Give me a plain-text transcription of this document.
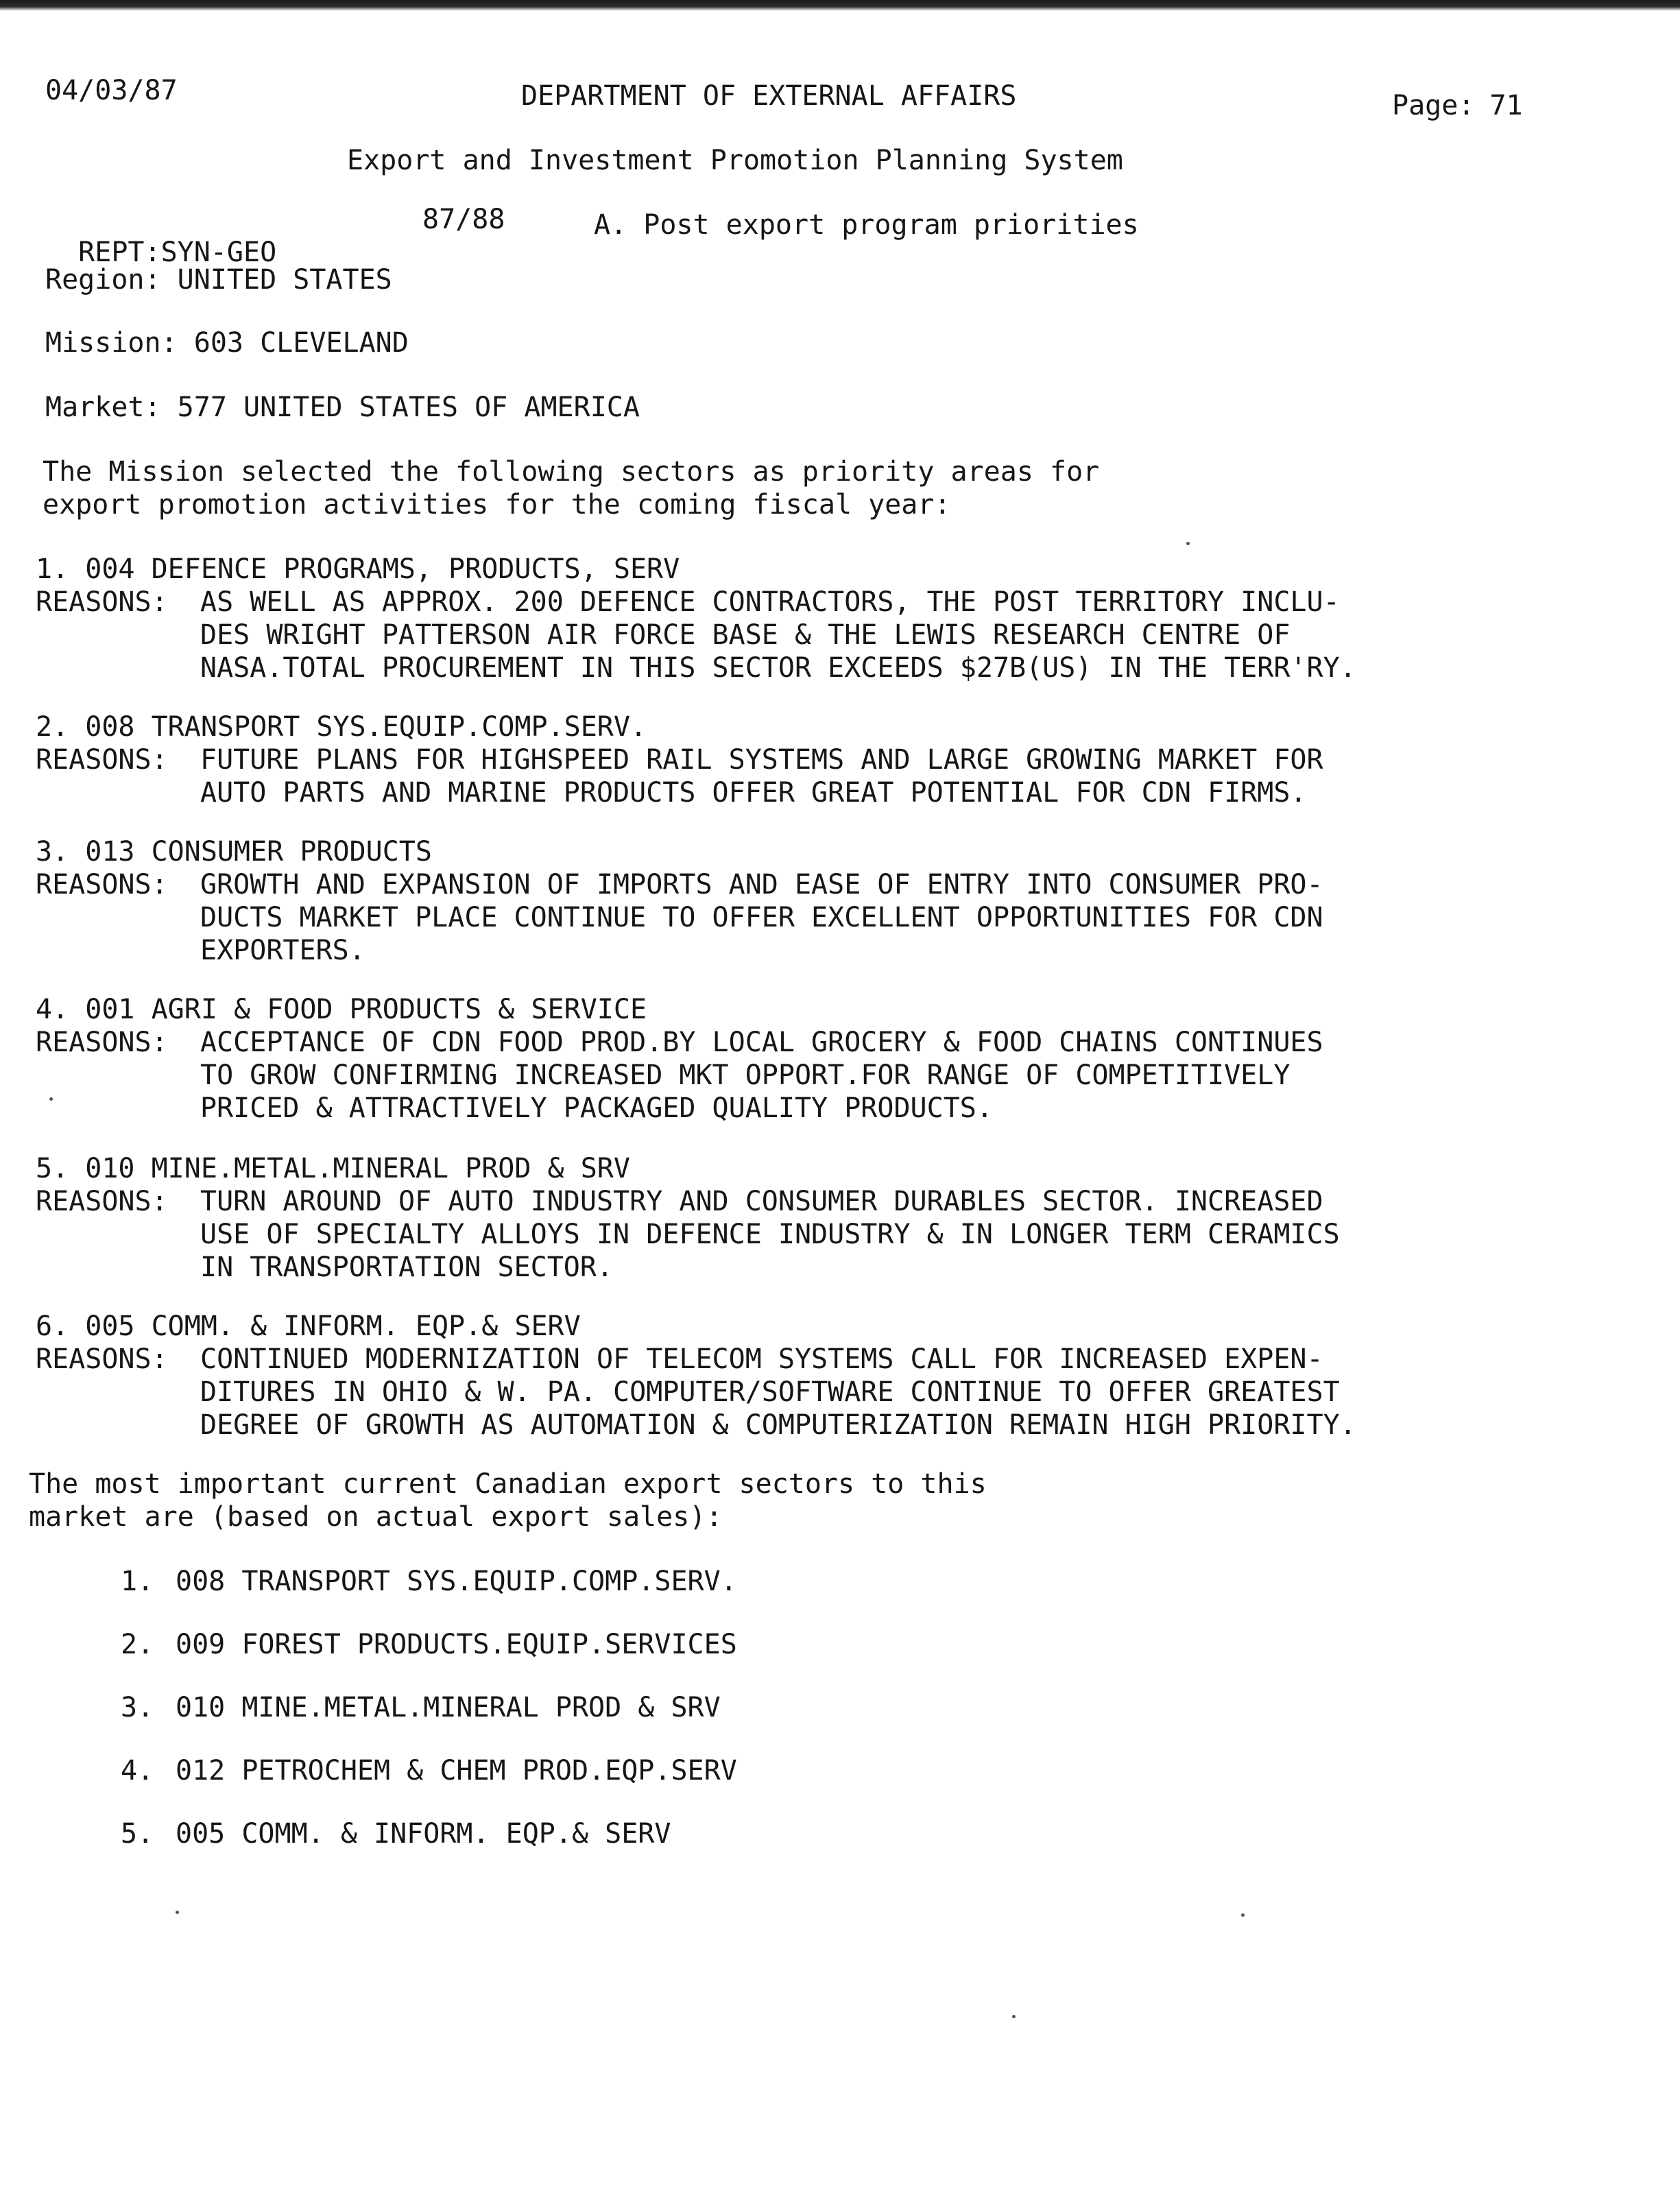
04/03/87	DEPARTMENT OF EXTERNAL AFFAIRS	Page: 71
Export and Investment Promotion Planning System

REPT:SYN-GEO

87/88

	A. Post export program priorities

Region: UNITED STATES
Mission: 603 CLEVELAND
Market: 577 UNITED STATES OF AMERICA
The Mission selected the following sectors as priority areas for
export promotion activities for the coming fiscal year:
1. 004 DEFENCE PROGRAMS, PRODUCTS, SERV
REASONS:	AS WELL AS APPROX. 200 DEFENCE CONTRACTORS, THE POST TERRITORY INCLU-
DES WRIGHT PATTERSON AIR FORCE BASE & THE LEWIS RESEARCH CENTRE OF
NASA.TOTAL PROCUREMENT IN THIS SECTOR EXCEEDS $27B(US) IN THE TERR'RY.
2. 008 TRANSPORT SYS.EQUIP.COMP.SERV.
REASONS:	FUTURE PLANS FOR HIGHSPEED RAIL SYSTEMS AND LARGE GROWING MARKET FOR
AUTO PARTS AND MARINE PRODUCTS OFFER GREAT POTENTIAL FOR CDN FIRMS.
3. 013 CONSUMER PRODUCTS
REASONS:	GROWTH AND EXPANSION OF IMPORTS AND EASE OF ENTRY INTO CONSUMER PRO-
DUCTS MARKET PLACE CONTINUE TO OFFER EXCELLENT OPPORTUNITIES FOR CDN
EXPORTERS.
4. 001 AGRI & FOOD PRODUCTS & SERVICE
REASONS:	ACCEPTANCE OF CDN FOOD PROD.BY LOCAL GROCERY & FOOD CHAINS CONTINUES
TO GROW CONFIRMING INCREASED MKT OPPORT.FOR RANGE OF COMPETITIVELY
PRICED & ATTRACTIVELY PACKAGED QUALITY PRODUCTS.
5. 010 MINE.METAL.MINERAL PROD & SRV
REASONS:	TURN AROUND OF AUTO INDUSTRY AND CONSUMER DURABLES SECTOR. INCREASED
USE OF SPECIALTY ALLOYS IN DEFENCE INDUSTRY & IN LONGER TERM CERAMICS
IN TRANSPORTATION SECTOR.
6. 005 COMM. & INFORM. EQP.& SERV
REASONS:	CONTINUED MODERNIZATION OF TELECOM SYSTEMS CALL FOR INCREASED EXPEN-
DITURES IN OHIO & W. PA. COMPUTER/SOFTWARE CONTINUE TO OFFER GREATEST
DEGREE OF GROWTH AS AUTOMATION & COMPUTERIZATION REMAIN HIGH PRIORITY.
The most important current Canadian export sectors to this
market are (based on actual export sales):
1. 008 TRANSPORT SYS.EQUIP.COMP.SERV.
2. 009 FOREST PRODUCTS.EQUIP.SERVICES
3. 010 MINE.METAL.MINERAL PROD & SRV
4. 012 PETROCHEM & CHEM PROD.EQP.SERV
5. 005 COMM. & INFORM. EQP.& SERV
